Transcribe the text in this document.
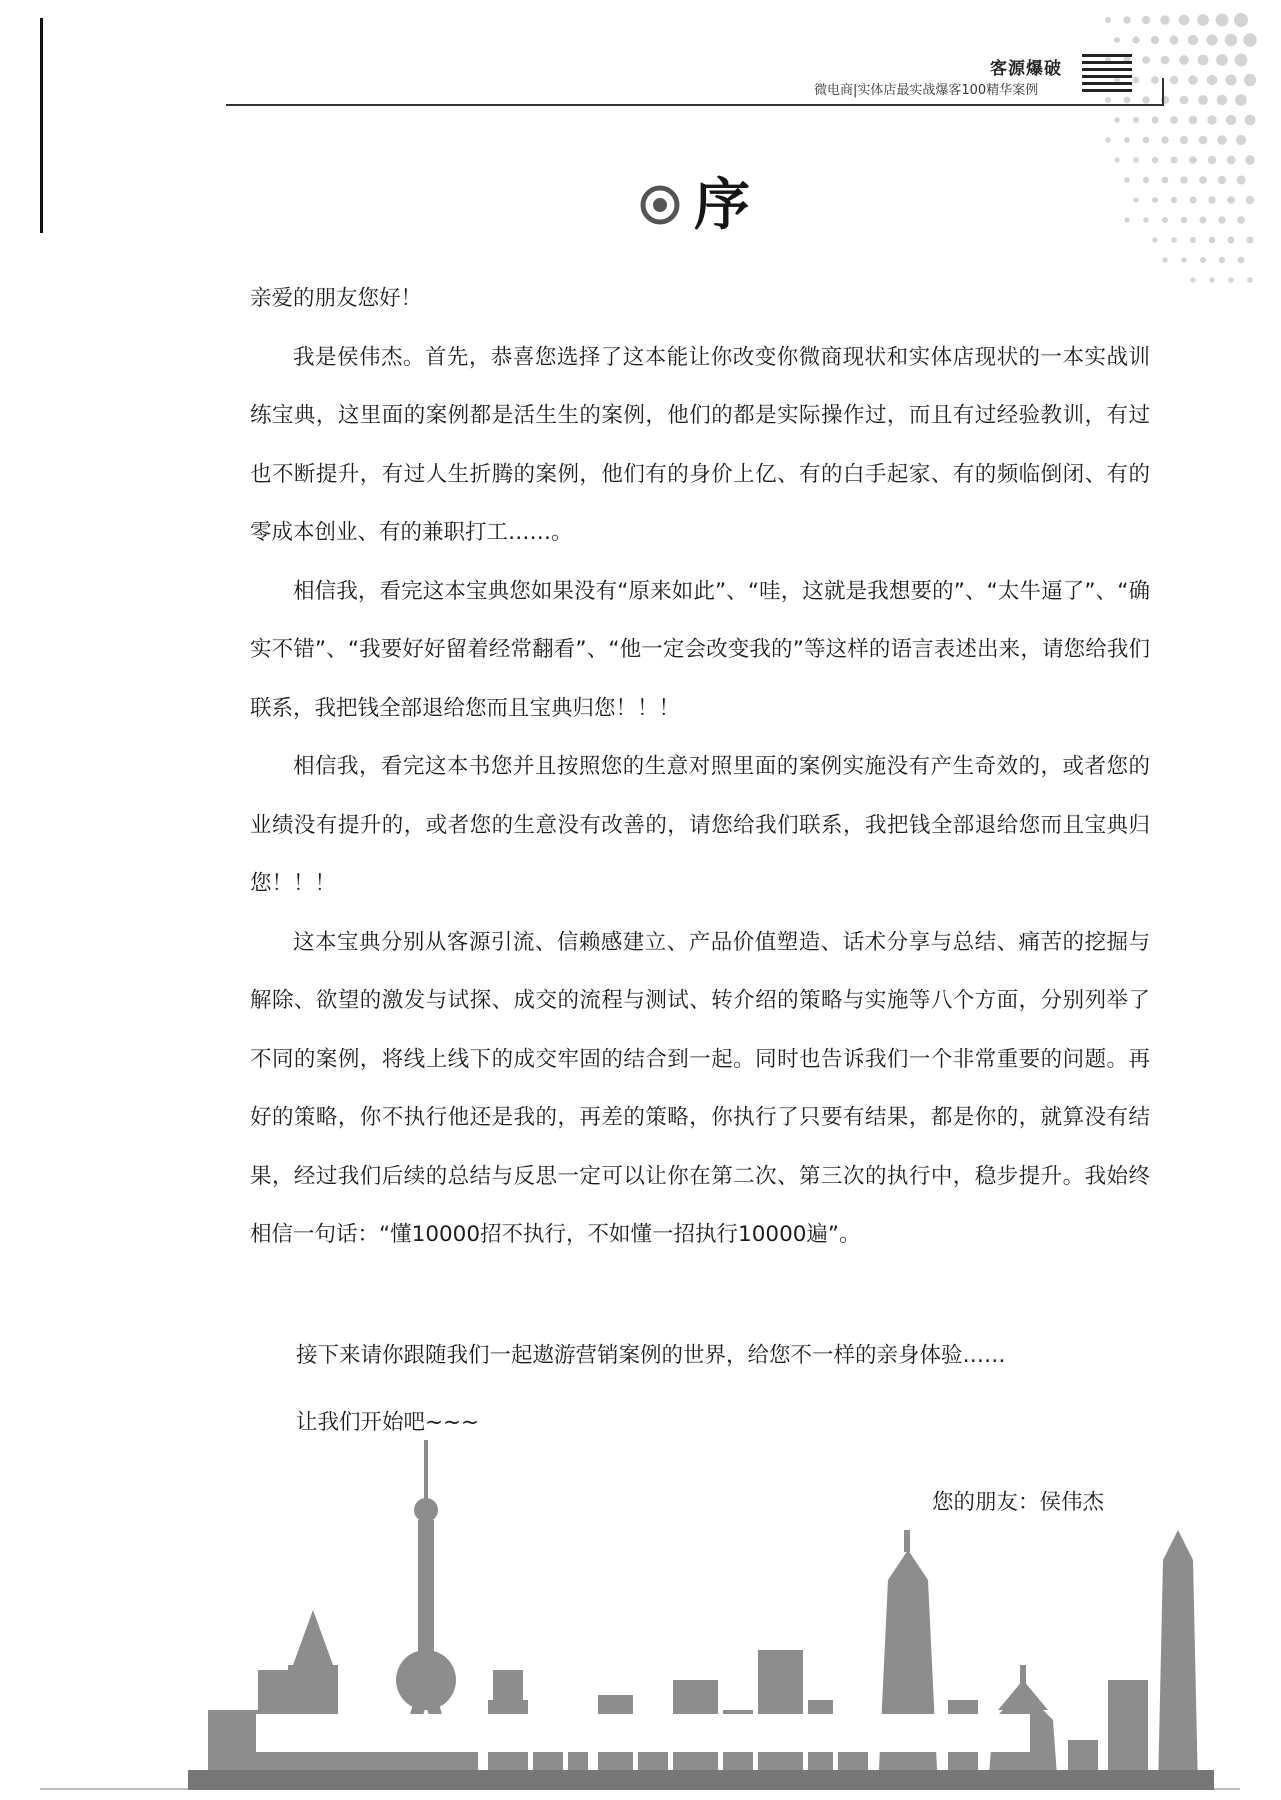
客源爆破
微电商|实体店最实战爆客100精华案例
序

亲爱的朋友您好！

我是侯伟杰。首先，恭喜您选择了这本能让你改变你微商现状和实体店现状的一本实战训练宝典，这里面的案例都是活生生的案例，他们的都是实际操作过，而且有过经验教训，有过也不断提升，有过人生折腾的案例，他们有的身价上亿、有的白手起家、有的频临倒闭、有的零成本创业、有的兼职打工……。

相信我，看完这本宝典您如果没有“原来如此”、“哇，这就是我想要的”、“太牛逼了”、“确实不错”、“我要好好留着经常翻看”、“他一定会改变我的”等这样的语言表述出来，请您给我们联系，我把钱全部退给您而且宝典归您！！！

相信我，看完这本书您并且按照您的生意对照里面的案例实施没有产生奇效的，或者您的业绩没有提升的，或者您的生意没有改善的，请您给我们联系，我把钱全部退给您而且宝典归您！！！

这本宝典分别从客源引流、信赖感建立、产品价值塑造、话术分享与总结、痛苦的挖掘与解除、欲望的激发与试探、成交的流程与测试、转介绍的策略与实施等八个方面，分别列举了不同的案例，将线上线下的成交牢固的结合到一起。同时也告诉我们一个非常重要的问题。再好的策略，你不执行他还是我的，再差的策略，你执行了只要有结果，都是你的，就算没有结果，经过我们后续的总结与反思一定可以让你在第二次、第三次的执行中，稳步提升。我始终相信一句话：“懂10000招不执行，不如懂一招执行10000遍”。

接下来请你跟随我们一起遨游营销案例的世界，给您不一样的亲身体验……
让我们开始吧~~~
您的朋友：侯伟杰
